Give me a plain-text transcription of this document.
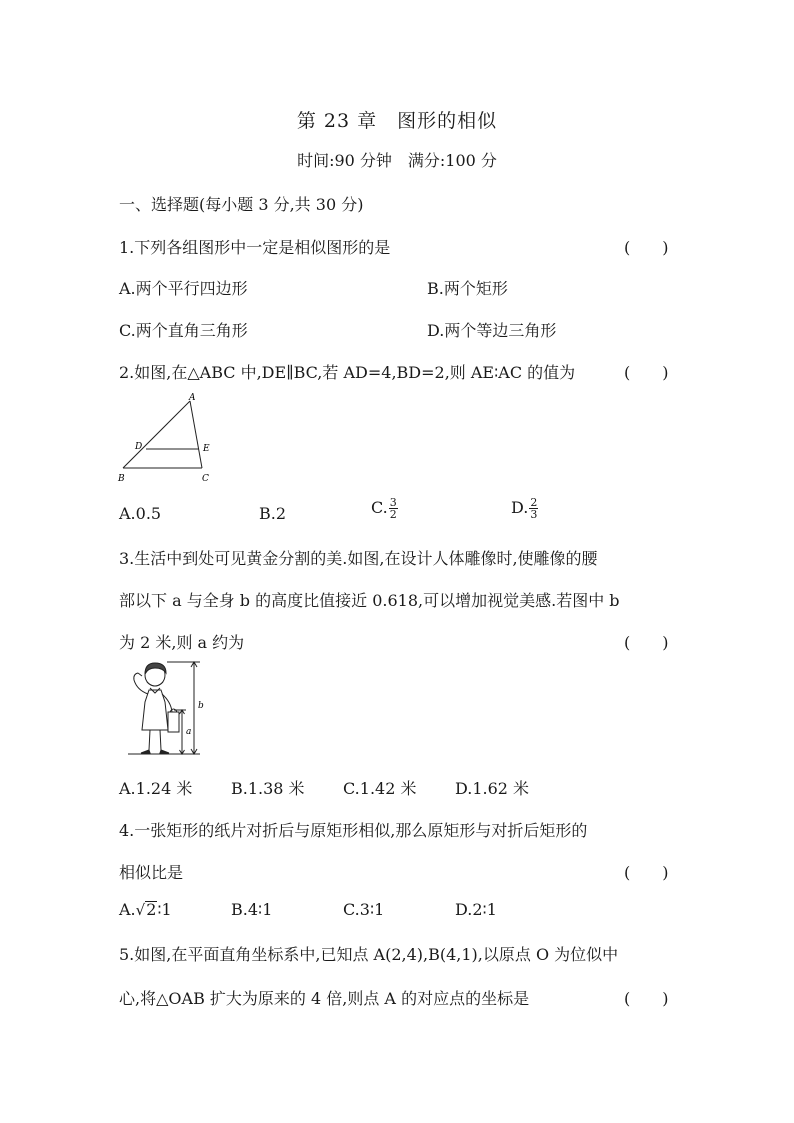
第 23 章　图形的相似
时间:90 分钟　满分:100 分
一、选择题(每小题 3 分,共 30 分)
1.下列各组图形中一定是相似图形的是	(　　)
A.两个平行四边形	B.两个矩形
C.两个直角三角形	D.两个等边三角形
2.如图,在△ABC 中,DE∥BC,若 AD=4,BD=2,则 AE∶AC 的值为	(　　)
A
D	E
B	C
A.0.5	B.2	C. $\frac{3}{2}$	D. $\frac{2}{3}$
3.生活中到处可见黄金分割的美.如图,在设计人体雕像时,使雕像的腰
部以下 a 与全身 b 的高度比值接近 0.618,可以增加视觉美感.若图中 b
为 2 米,则 a 约为	(　　)
b
a
A.1.24 米 B.1.38 米 C.1.42 米 D.1.62 米
4.一张矩形的纸片对折后与原矩形相似,那么原矩形与对折后矩形的
相似比是	(　　)
A.√2∶1	B.4∶1	C.3∶1	D.2∶1
5.如图,在平面直角坐标系中,已知点 A(2,4),B(4,1),以原点 O 为位似中
心,将△OAB 扩大为原来的 4 倍,则点 A 的对应点的坐标是	(　　)
